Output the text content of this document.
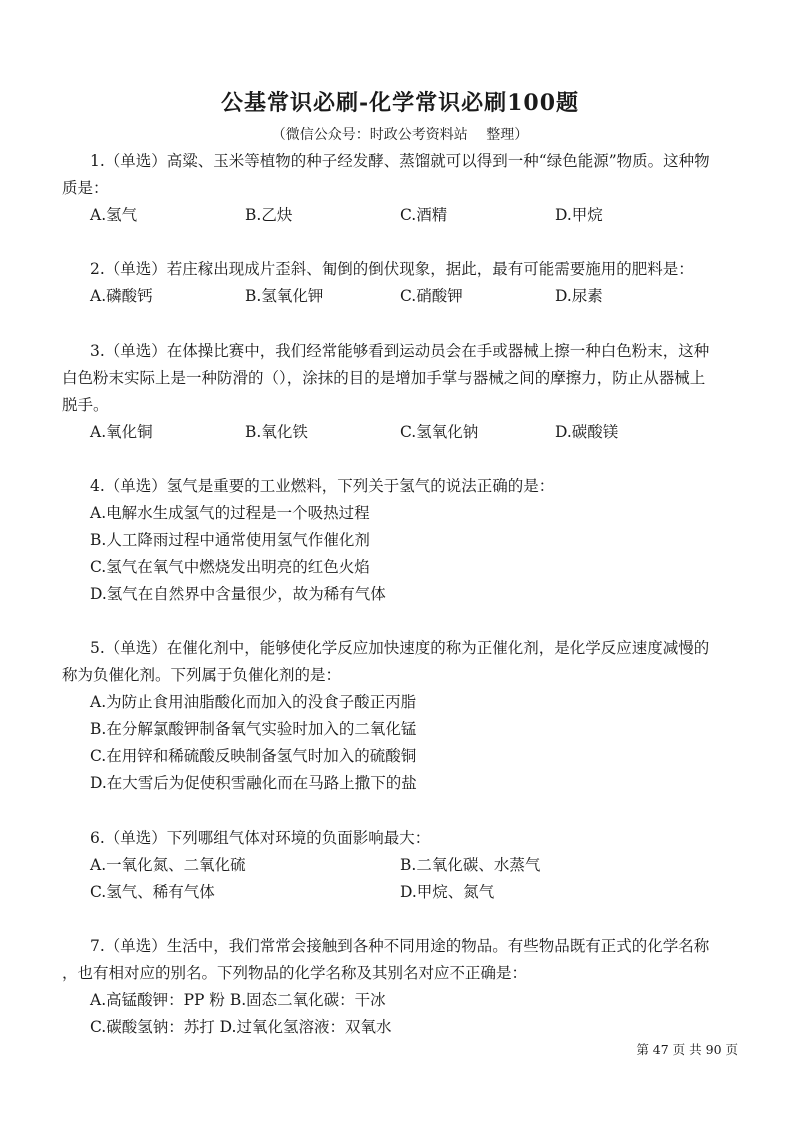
公基常识必刷-化学常识必刷100题
（微信公众号：时政公考资料站　 整理）

1.（单选）高粱、玉米等植物的种子经发酵、蒸馏就可以得到一种“绿色能源”物质。这种物

质是：

A.氢气	B.乙炔	C.酒精	D.甲烷

2.（单选）若庄稼出现成片歪斜、匍倒的倒伏现象，据此，最有可能需要施用的肥料是：

A.磷酸钙	B.氢氧化钾	C.硝酸钾	D.尿素

3.（单选）在体操比赛中，我们经常能够看到运动员会在手或器械上擦一种白色粉末，这种

白色粉末实际上是一种防滑的（），涂抹的目的是增加手掌与器械之间的摩擦力，防止从器械上

脱手。

A.氧化铜	B.氧化铁	C.氢氧化钠	D.碳酸镁

4.（单选）氢气是重要的工业燃料，下列关于氢气的说法正确的是：

A.电解水生成氢气的过程是一个吸热过程

B.人工降雨过程中通常使用氢气作催化剂

C.氢气在氧气中燃烧发出明亮的红色火焰

D.氢气在自然界中含量很少，故为稀有气体

5.（单选）在催化剂中，能够使化学反应加快速度的称为正催化剂，是化学反应速度减慢的

称为负催化剂。下列属于负催化剂的是：

A.为防止食用油脂酸化而加入的没食子酸正丙脂

B.在分解氯酸钾制备氧气实验时加入的二氧化锰

C.在用锌和稀硫酸反映制备氢气时加入的硫酸铜

D.在大雪后为促使积雪融化而在马路上撒下的盐

6.（单选）下列哪组气体对环境的负面影响最大：

A.一氧化氮、二氧化硫	B.二氧化碳、水蒸气
C.氢气、稀有气体	D.甲烷、氮气

7.（单选）生活中，我们常常会接触到各种不同用途的物品。有些物品既有正式的化学名称

，也有相对应的别名。下列物品的化学名称及其别名对应不正确是：

A.高锰酸钾：PP 粉 B.固态二氧化碳：干冰

C.碳酸氢钠：苏打 D.过氧化氢溶液：双氧水

第 47 页 共 90 页
